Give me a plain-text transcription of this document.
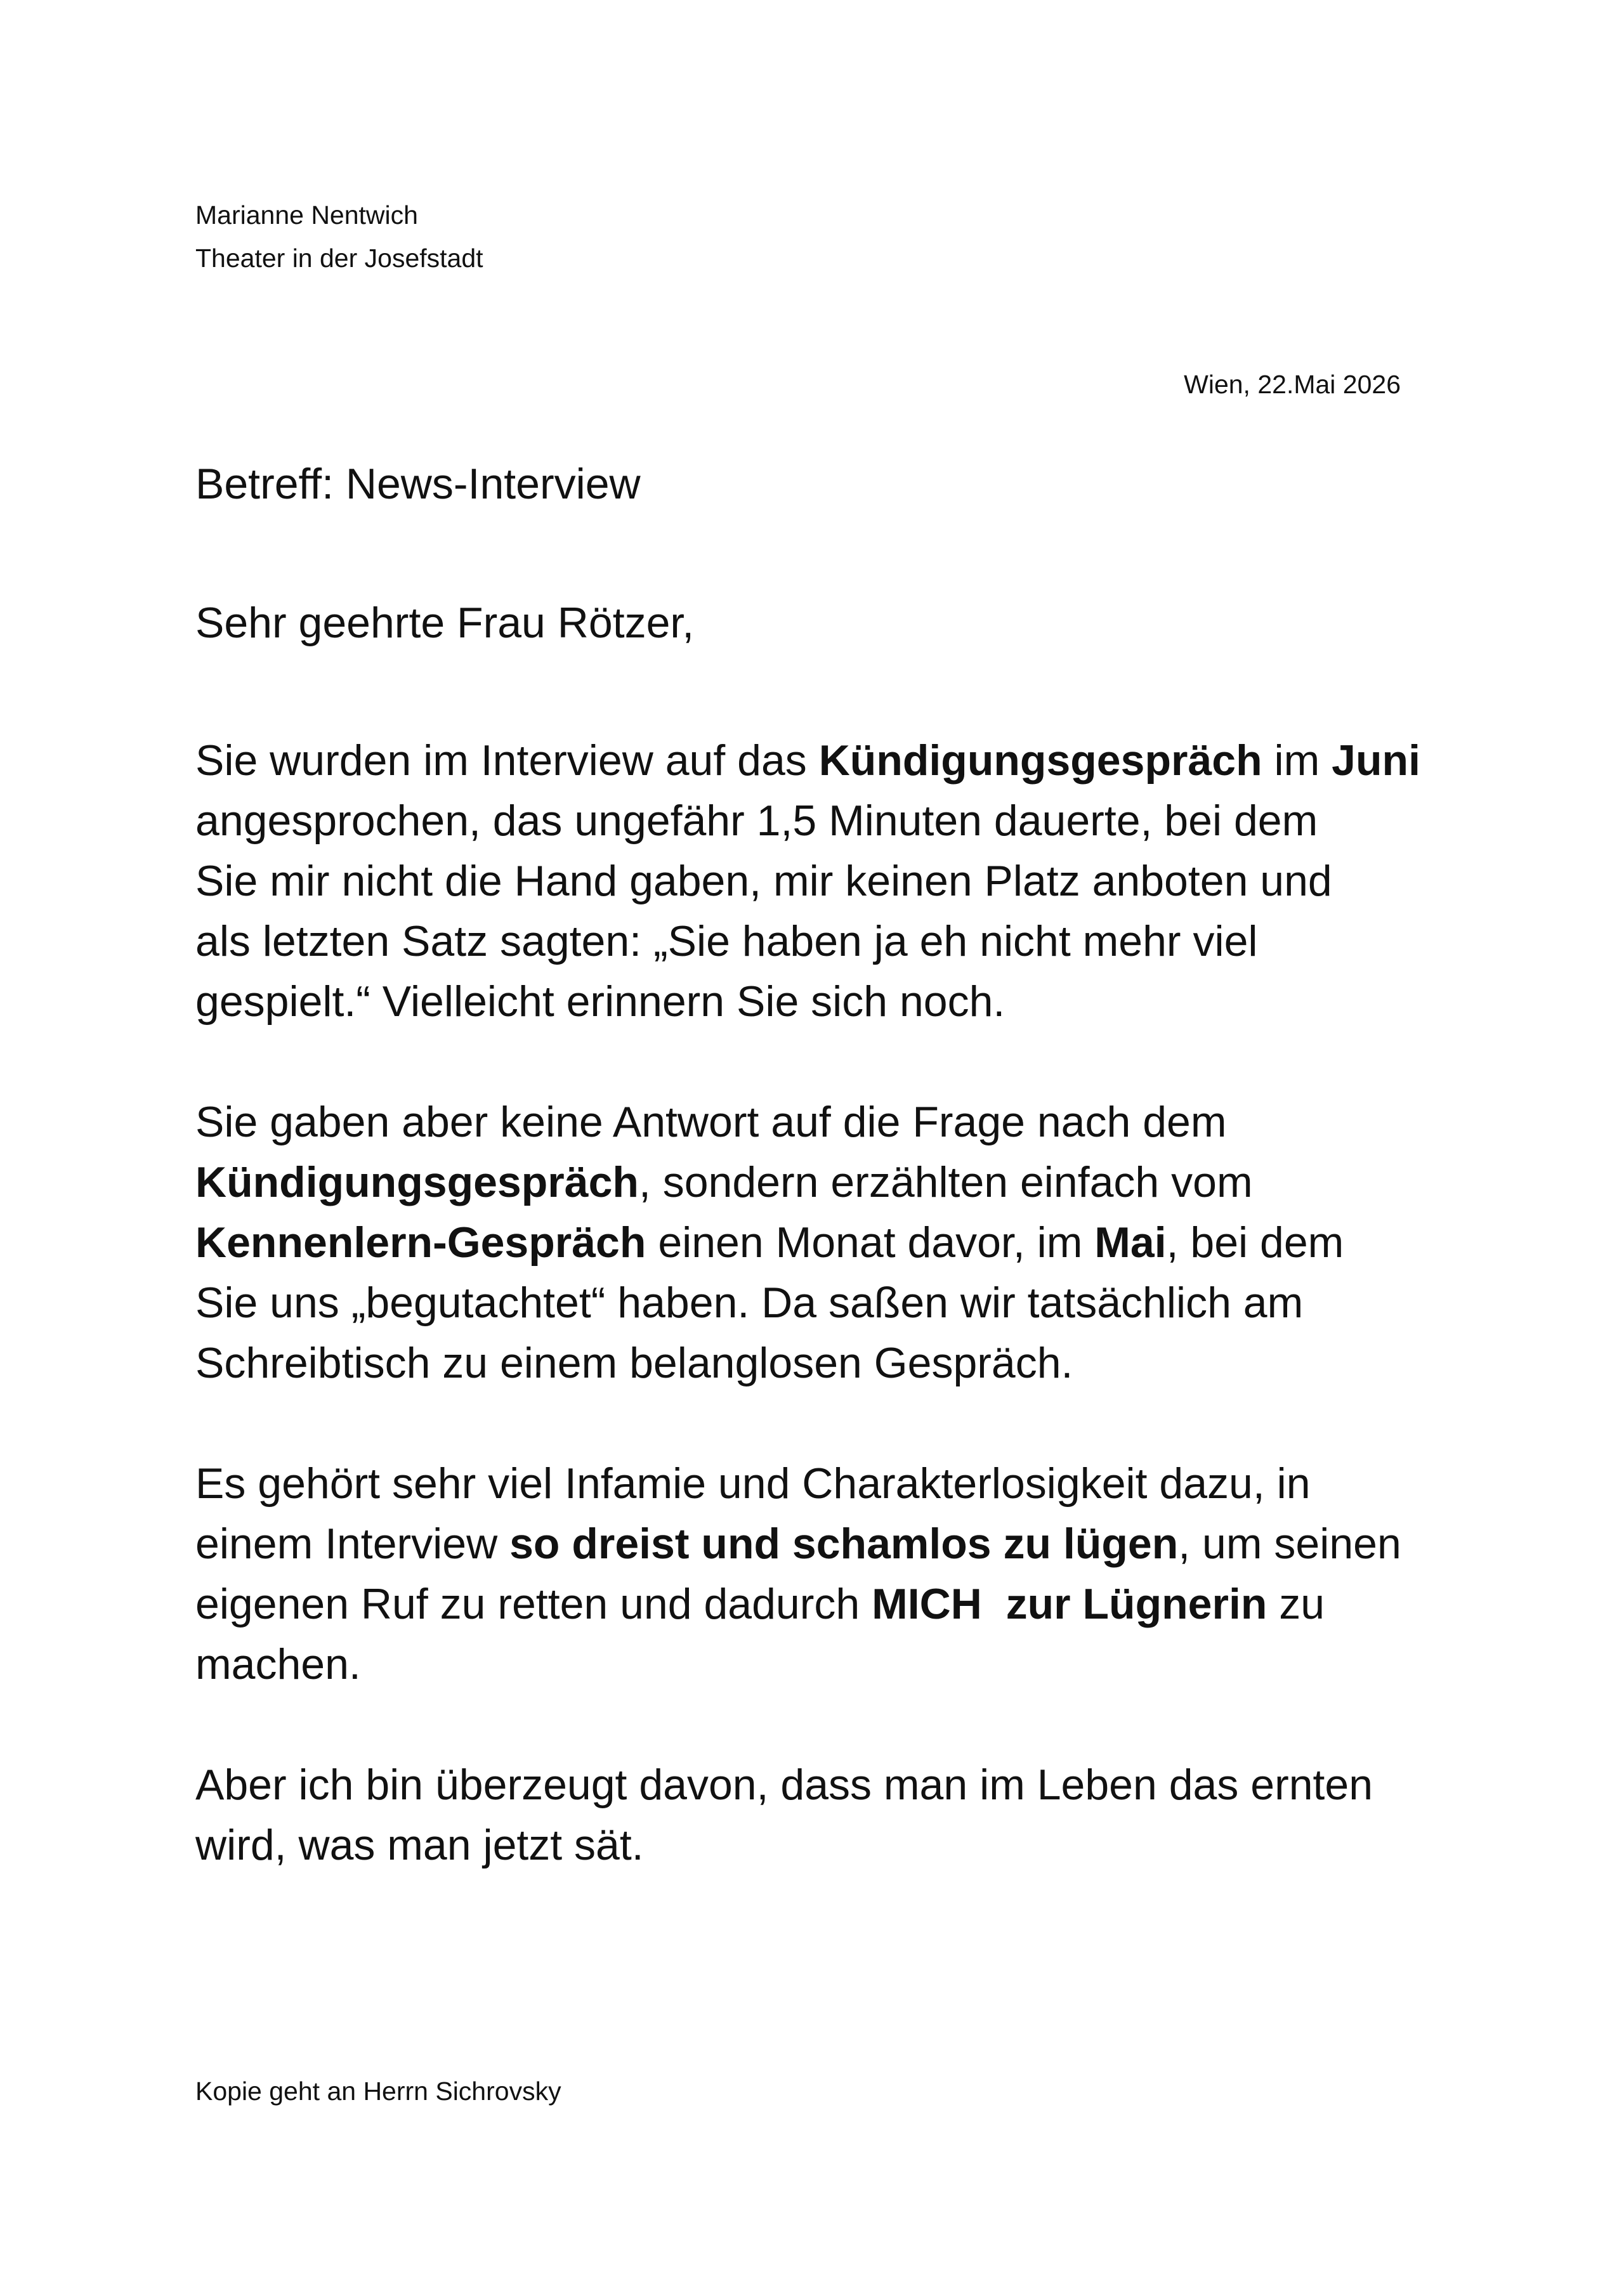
Marianne Nentwich
Theater in der Josefstadt
Wien, 22.Mai 2026
Betreff: News-Interview
Sehr geehrte Frau Rötzer,
Sie wurden im Interview auf das Kündigungsgespräch im Juni
angesprochen, das ungefähr 1,5 Minuten dauerte, bei dem
Sie mir nicht die Hand gaben, mir keinen Platz anboten und
als letzten Satz sagten: „Sie haben ja eh nicht mehr viel
gespielt.“ Vielleicht erinnern Sie sich noch.
Sie gaben aber keine Antwort auf die Frage nach dem
Kündigungsgespräch, sondern erzählten einfach vom
Kennenlern-Gespräch einen Monat davor, im Mai, bei dem
Sie uns „begutachtet“ haben. Da saßen wir tatsächlich am
Schreibtisch zu einem belanglosen Gespräch.
Es gehört sehr viel Infamie und Charakterlosigkeit dazu, in
einem Interview so dreist und schamlos zu lügen, um seinen
eigenen Ruf zu retten und dadurch MICH  zur Lügnerin zu
machen.
Aber ich bin überzeugt davon, dass man im Leben das ernten
wird, was man jetzt sät.
Kopie geht an Herrn Sichrovsky
